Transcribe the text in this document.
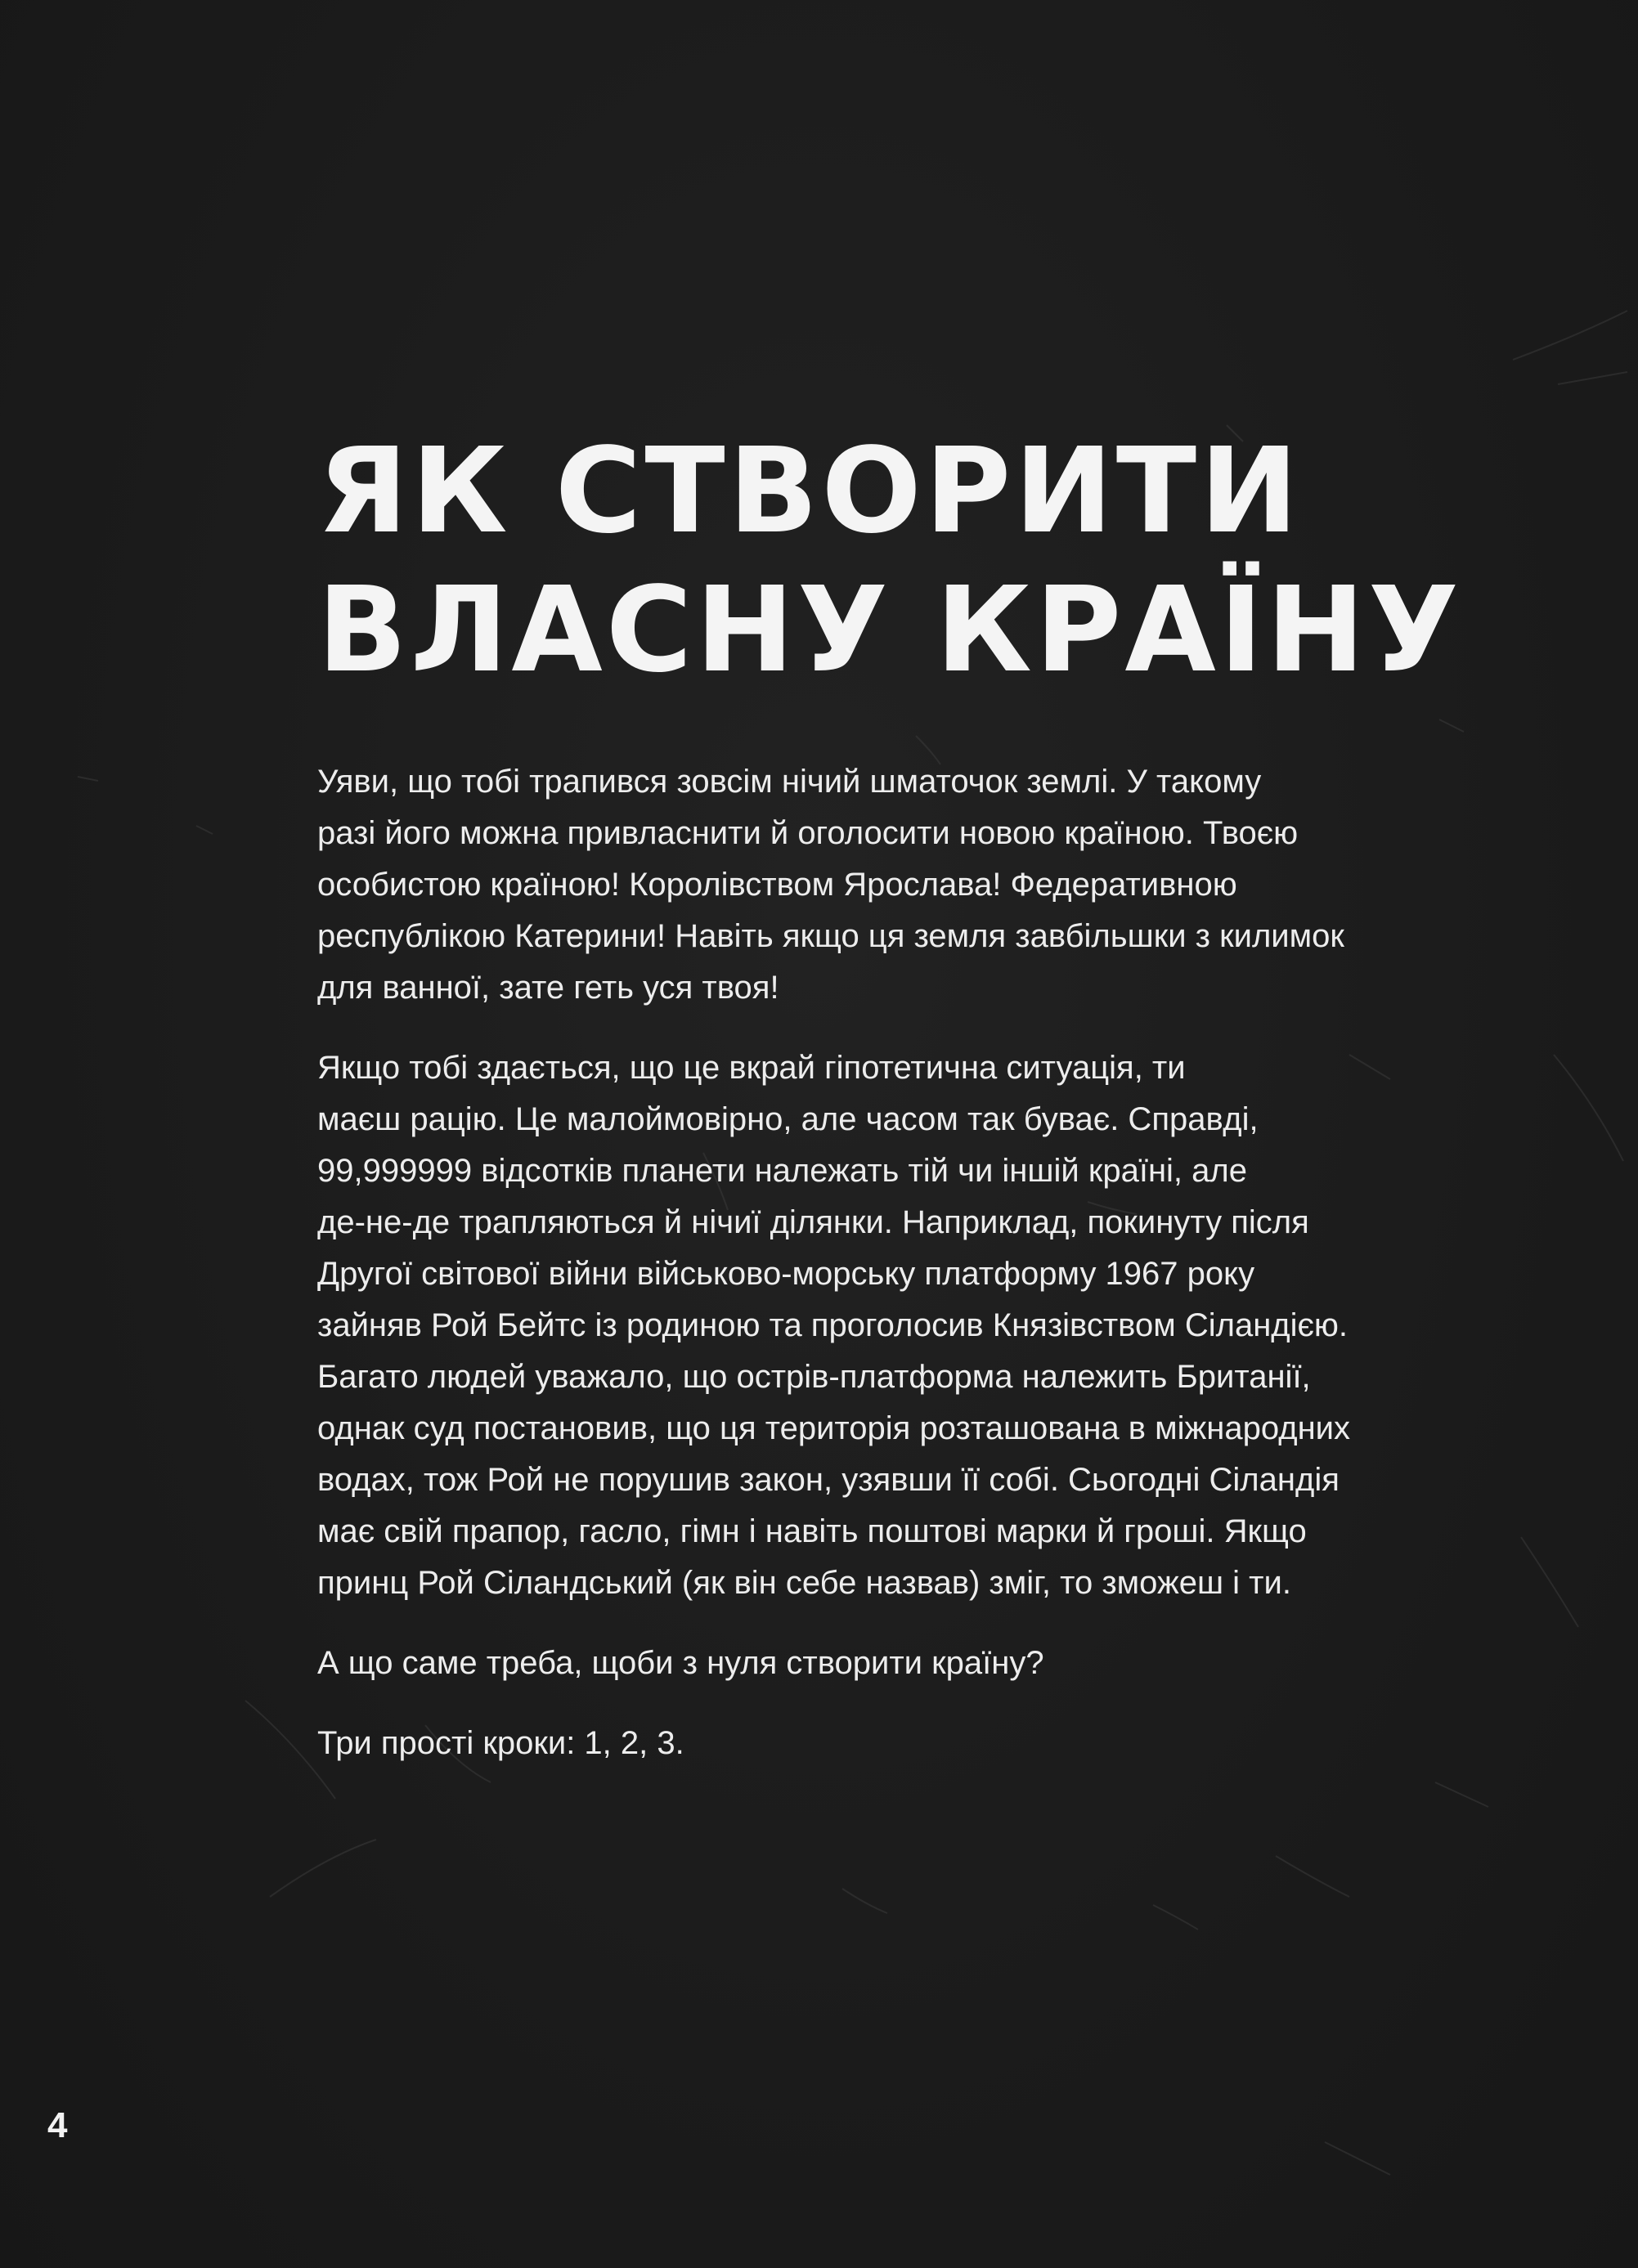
ЯК СТВОРИТИ
ВЛАСНУ КРАЇНУ

Уяви, що тобі трапився зовсім нічий шматочок землі. У такому
разі його можна привласнити й оголосити новою країною. Твоєю
особистою країною! Королівством Ярослава! Федеративною
республікою Катерини! Навіть якщо ця земля завбільшки з килимок
для ванної, зате геть уся твоя!

Якщо тобі здається, що це вкрай гіпотетична ситуація, ти
маєш рацію. Це малоймовірно, але часом так буває. Справді,
99,999999 відсотків планети належать тій чи іншій країні, але
де-не-де трапляються й нічиї ділянки. Наприклад, покинуту після
Другої світової війни військово-морську платформу 1967 року
зайняв Рой Бейтс із родиною та проголосив Князівством Сіландією.
Багато людей уважало, що острів-платформа належить Британії,
однак суд постановив, що ця територія розташована в міжнародних
водах, тож Рой не порушив закон, узявши її собі. Сьогодні Сіландія
має свій прапор, гасло, гімн і навіть поштові марки й гроші. Якщо
принц Рой Сіландський (як він себе назвав) зміг, то зможеш і ти.

А що саме треба, щоби з нуля створити країну?

Три прості кроки: 1, 2, 3.

4
